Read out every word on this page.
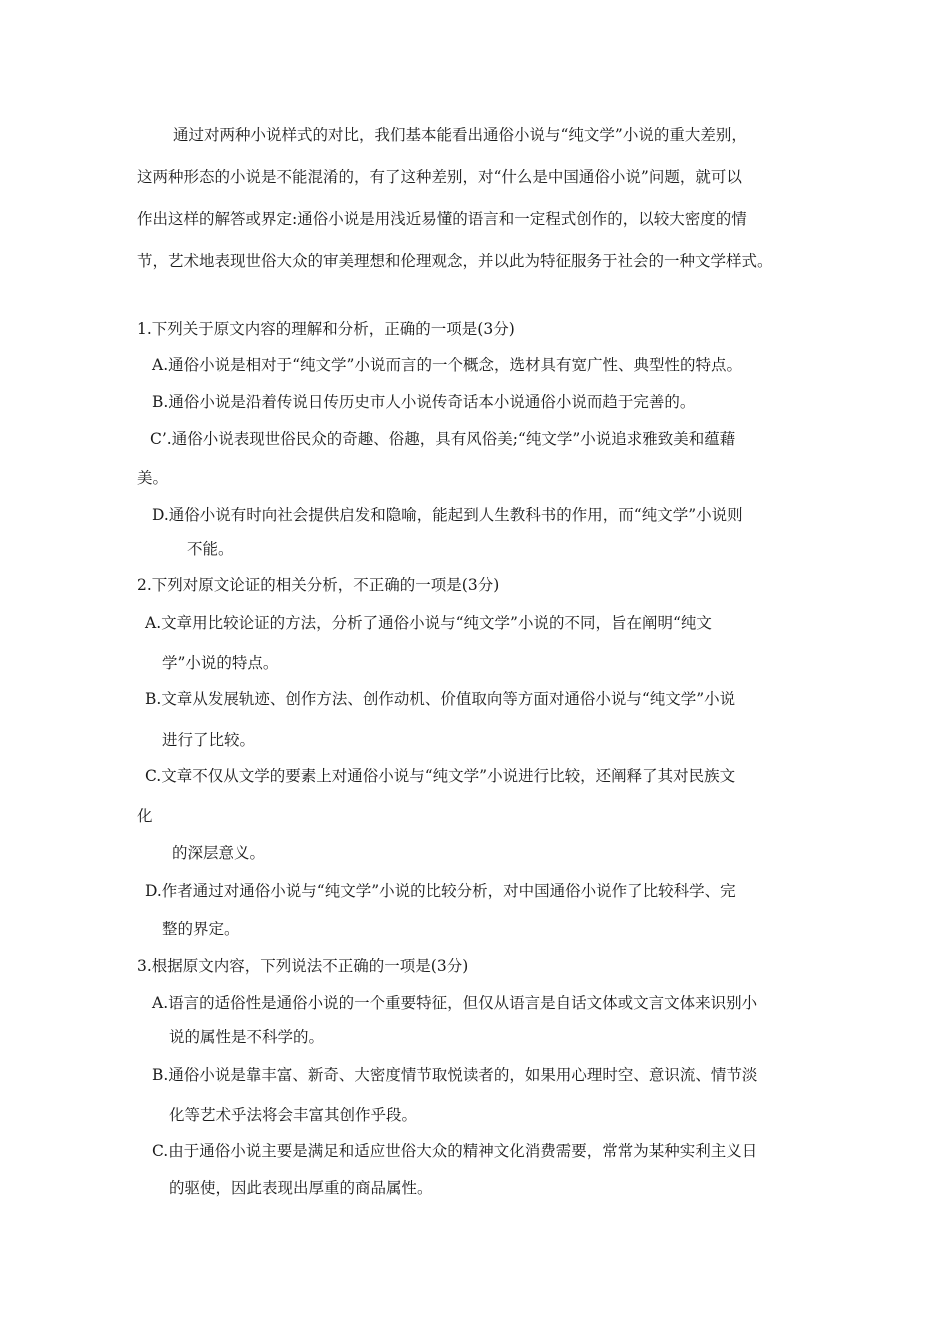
通过对两种小说样式的对比，我们基本能看出通俗小说与“纯文学”小说的重大差别，

这两种形态的小说是不能混淆的，有了这种差别，对“什么是中国通俗小说”问题，就可以

作出这样的解答或界定:通俗小说是用浅近易懂的语言和一定程式创作的，以较大密度的情

节，艺术地表现世俗大众的审美理想和伦理观念，并以此为特征服务于社会的一种文学样式。

1.下列关于原文内容的理解和分析，正确的一项是(3分)

A.通俗小说是相对于“纯文学”小说而言的一个概念，选材具有宽广性、典型性的特点。

B.通俗小说是沿着传说日传历史市人小说传奇话本小说通俗小说而趋于完善的。

C’.通俗小说表现世俗民众的奇趣、俗趣，具有风俗美;“纯文学”小说追求雅致美和蕴藉

美。

D.通俗小说有时向社会提供启发和隐喻，能起到人生教科书的作用，而“纯文学”小说则

不能。

2.下列对原文论证的相关分析，不正确的一项是(3分)

A.文章用比较论证的方法，分析了通俗小说与“纯文学”小说的不同，旨在阐明“纯文

学”小说的特点。

B.文章从发展轨迹、创作方法、创作动机、价值取向等方面对通俗小说与“纯文学”小说

进行了比较。

C.文章不仅从文学的要素上对通俗小说与“纯文学”小说进行比较，还阐释了其对民族文

化

的深层意义。

D.作者通过对通俗小说与“纯文学”小说的比较分析，对中国通俗小说作了比较科学、完

整的界定。

3.根据原文内容，下列说法不正确的一项是(3分)

A.语言的适俗性是通俗小说的一个重要特征，但仅从语言是自话文体或文言文体来识别小

说的属性是不科学的。

B.通俗小说是靠丰富、新奇、大密度情节取悦读者的，如果用心理时空、意识流、情节淡

化等艺术乎法将会丰富其创作乎段。

C.由于通俗小说主要是满足和适应世俗大众的精神文化消费需要，常常为某种实利主义日

的驱使，因此表现出厚重的商品属性。
